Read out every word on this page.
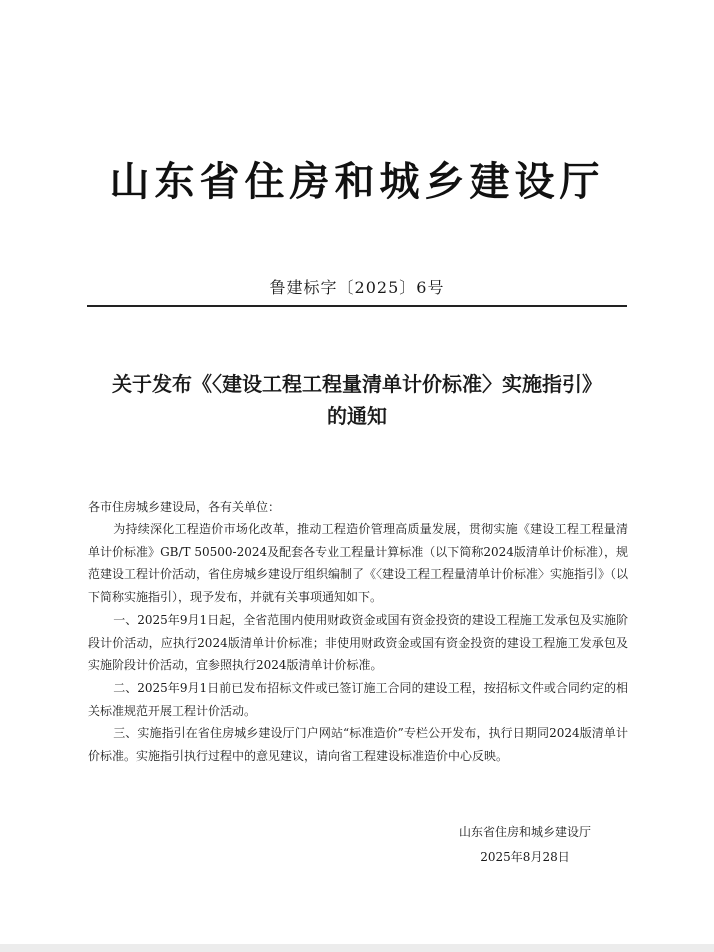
山东省住房和城乡建设厅
鲁建标字〔2025〕6号
关于发布《〈建设工程工程量清单计价标准〉实施指引》
的通知
各市住房城乡建设局，各有关单位：

为持续深化工程造价市场化改革，推动工程造价管理高质量发展，贯彻实施《建设工程工程量清单计价标准》GB/T 50500-2024及配套各专业工程量计算标准（以下简称2024版清单计价标准），规范建设工程计价活动，省住房城乡建设厅组织编制了《〈建设工程工程量清单计价标准〉实施指引》（以下简称实施指引），现予发布，并就有关事项通知如下。

一、2025年9月1日起，全省范围内使用财政资金或国有资金投资的建设工程施工发承包及实施阶段计价活动，应执行2024版清单计价标准；非使用财政资金或国有资金投资的建设工程施工发承包及实施阶段计价活动，宜参照执行2024版清单计价标准。

二、2025年9月1日前已发布招标文件或已签订施工合同的建设工程，按招标文件或合同约定的相关标准规范开展工程计价活动。

三、实施指引在省住房城乡建设厅门户网站“标准造价”专栏公开发布，执行日期同2024版清单计价标准。实施指引执行过程中的意见建议，请向省工程建设标准造价中心反映。

山东省住房和城乡建设厅
2025年8月28日
